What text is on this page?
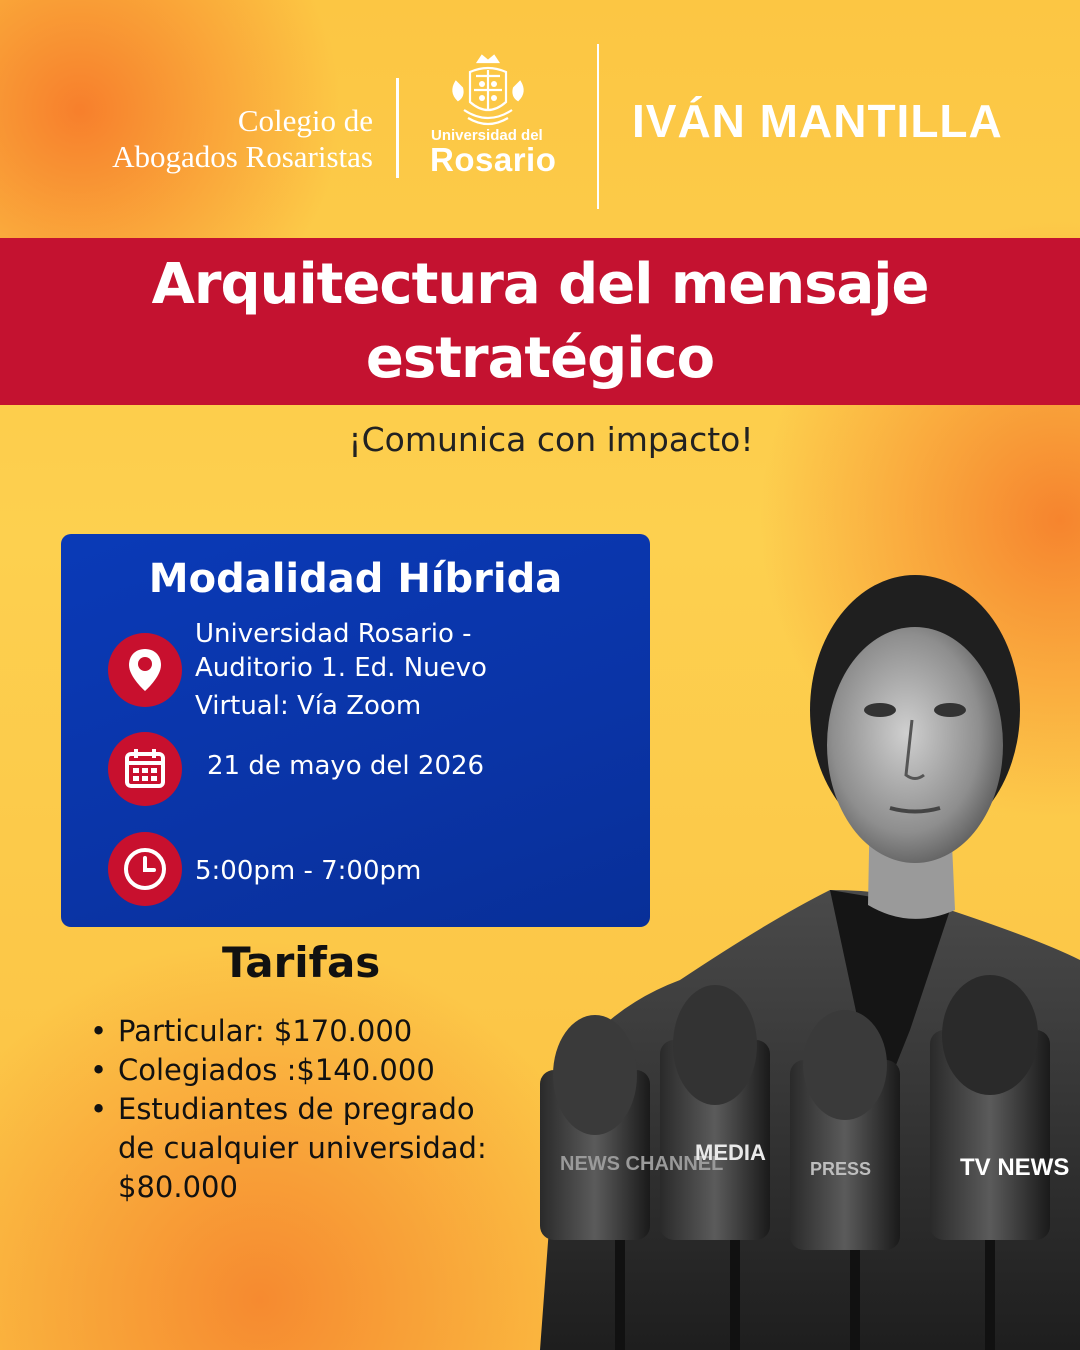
Colegio de
Abogados Rosaristas
Universidad del
Rosario
IVÁN MANTILLA
Arquitectura del mensaje
estratégico
¡Comunica con impacto!
NEWS CHANNEL
MEDIA
PRESS	TV NEWS
Modalidad Híbrida
Universidad Rosario -
Auditorio 1. Ed. Nuevo
Virtual: Vía Zoom
21 de mayo del 2026
5:00pm - 7:00pm
Tarifas
• Particular: $170.000
• Colegiados :$140.000
• Estudiantes de pregrado de cualquier universidad:
$80.000
